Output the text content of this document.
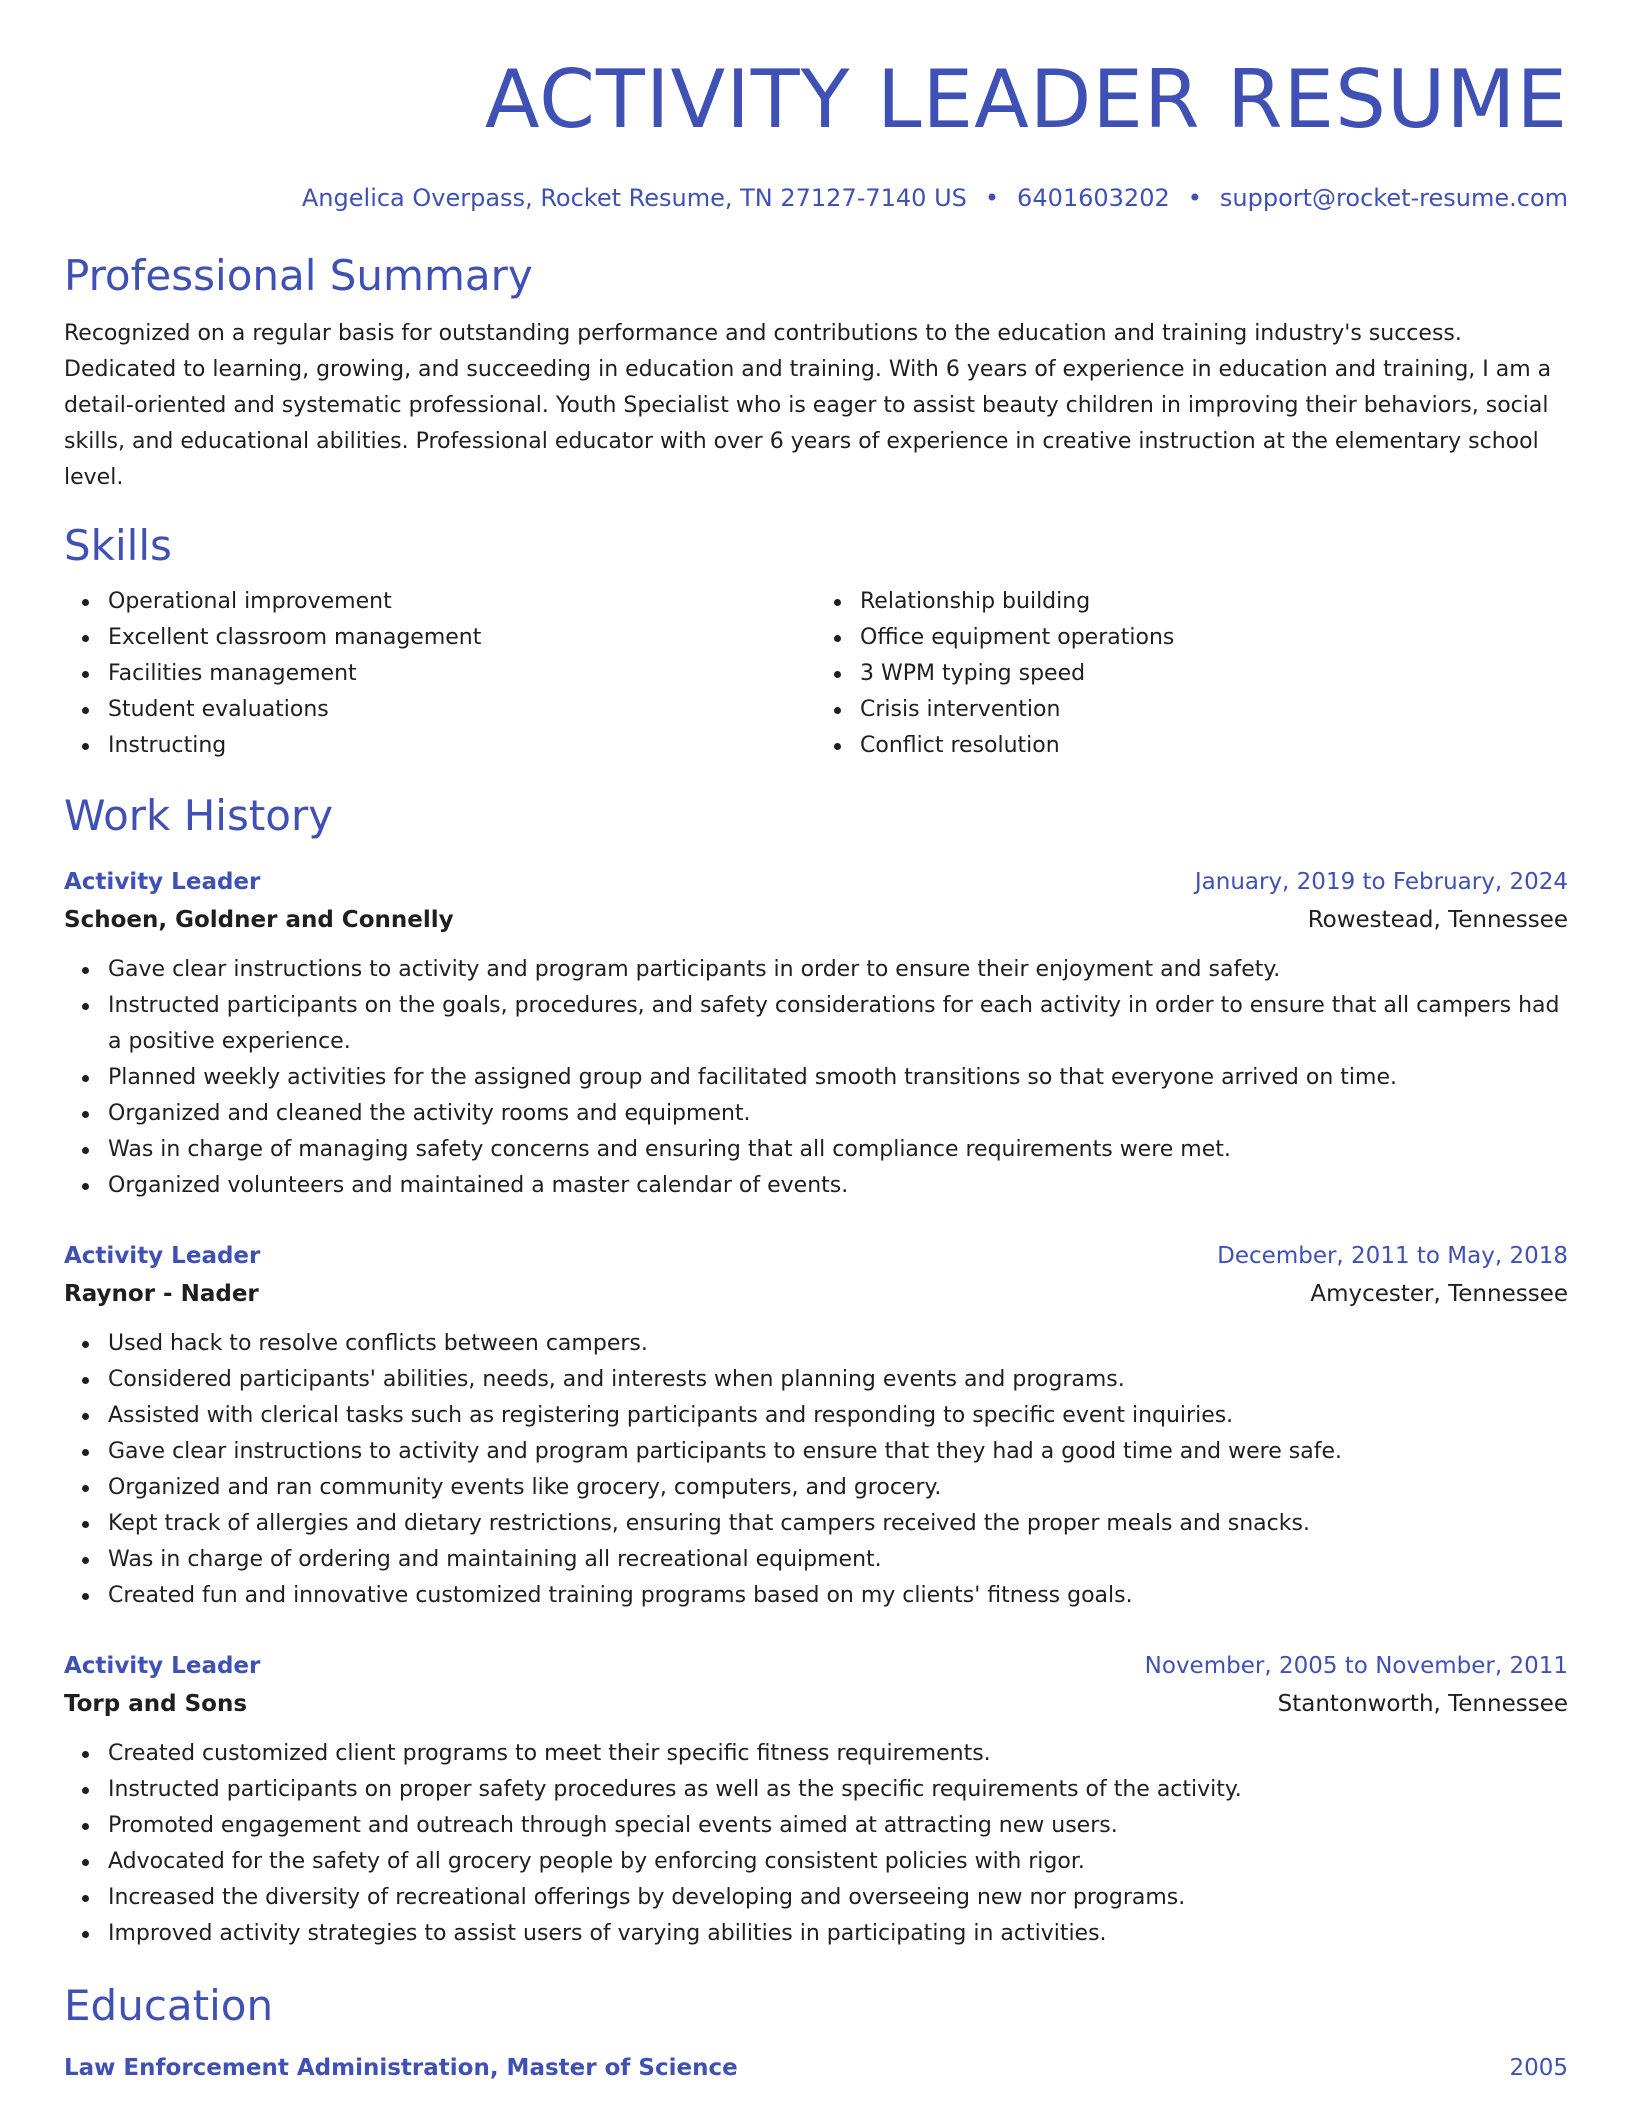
ACTIVITY LEADER RESUME
Angelica Overpass, Rocket Resume, TN 27127-7140 US • 6401603202 • support@rocket-resume.com
Professional Summary

Recognized on a regular basis for outstanding performance and contributions to the education and training industry's success. Dedicated to learning, growing, and succeeding in education and training. With 6 years of experience in education and training, I am a detail-oriented and systematic professional. Youth Specialist who is eager to assist beauty children in improving their behaviors, social skills, and educational abilities. Professional educator with over 6 years of experience in creative instruction at the elementary school level.

Skills
Operational improvement
Excellent classroom management
Facilities management
Student evaluations
Instructing
Relationship building
Office equipment operations
3 WPM typing speed
Crisis intervention
Conflict resolution
Work History
Activity Leader	January, 2019 to February, 2024
Schoen, Goldner and Connelly	Rowestead, Tennessee
Gave clear instructions to activity and program participants in order to ensure their enjoyment and safety.
Instructed participants on the goals, procedures, and safety considerations for each activity in order to ensure that all campers had a positive experience.
Planned weekly activities for the assigned group and facilitated smooth transitions so that everyone arrived on time.
Organized and cleaned the activity rooms and equipment.
Was in charge of managing safety concerns and ensuring that all compliance requirements were met.
Organized volunteers and maintained a master calendar of events.
Activity Leader	December, 2011 to May, 2018
Raynor - Nader	Amycester, Tennessee
Used hack to resolve conflicts between campers.
Considered participants' abilities, needs, and interests when planning events and programs.
Assisted with clerical tasks such as registering participants and responding to specific event inquiries.
Gave clear instructions to activity and program participants to ensure that they had a good time and were safe.
Organized and ran community events like grocery, computers, and grocery.
Kept track of allergies and dietary restrictions, ensuring that campers received the proper meals and snacks.
Was in charge of ordering and maintaining all recreational equipment.
Created fun and innovative customized training programs based on my clients' fitness goals.
Activity Leader	November, 2005 to November, 2011
Torp and Sons	Stantonworth, Tennessee
Created customized client programs to meet their specific fitness requirements.
Instructed participants on proper safety procedures as well as the specific requirements of the activity.
Promoted engagement and outreach through special events aimed at attracting new users.
Advocated for the safety of all grocery people by enforcing consistent policies with rigor.
Increased the diversity of recreational offerings by developing and overseeing new nor programs.
Improved activity strategies to assist users of varying abilities in participating in activities.
Education
Law Enforcement Administration, Master of Science	2005
